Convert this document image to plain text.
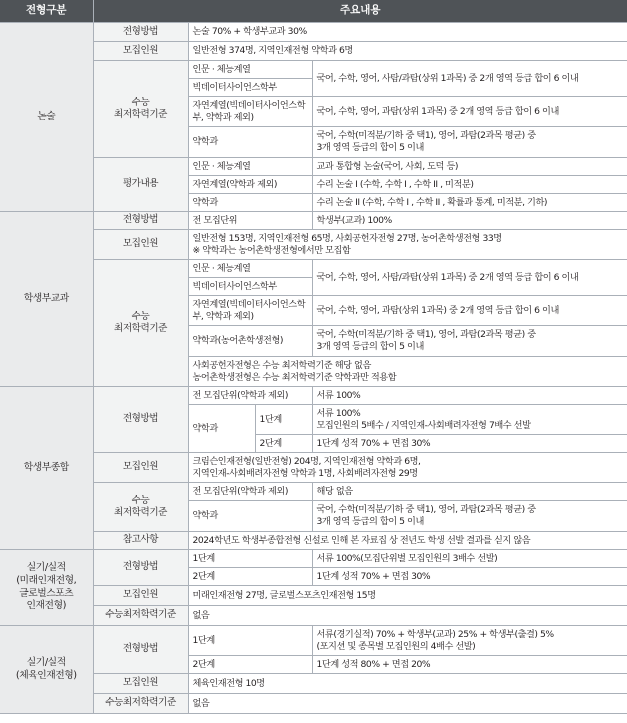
전형구분	주요내용			
논술	전형방법	논술 70% + 학생부교과 30%		
	모집인원	일반전형 374명, 지역인재전형 약학과 6명		
	수능
최저학력기준	인문 · 체능계열		국어, 수학, 영어, 사탐/과탐(상위 1과목) 중 2개 영역 등급 합이 6 이내
		빅데이터사이언스학부		
		자연계열(빅데이터사이언스학부, 약학과 제외)		국어, 수학, 영어, 과탐(상위 1과목) 중 2개 영역 등급 합이 6 이내
		약학과		국어, 수학(미적분/기하 중 택1), 영어, 과탐(2과목 평균) 중
3개 영역 등급의 합이 5 이내
	평가내용	인문 · 체능계열		교과 통합형 논술(국어, 사회, 도덕 등)
		자연계열(약학과 제외)		수리 논술 I (수학, 수학 I , 수학 II , 미적분)
		약학과		수리 논술 II (수학, 수학 I , 수학 II , 확률과 통계, 미적분, 기하)
학생부교과	전형방법	전 모집단위		학생부(교과) 100%
	모집인원	일반전형 153명, 지역인재전형 65명, 사회공헌자전형 27명, 농어촌학생전형 33명
※ 약학과는 농어촌학생전형에서만 모집함		
	수능
최저학력기준	인문 · 체능계열		국어, 수학, 영어, 사탐/과탐(상위 1과목) 중 2개 영역 등급 합이 6 이내
		빅데이터사이언스학부		
		자연계열(빅데이터사이언스학부, 약학과 제외)		국어, 수학, 영어, 과탐(상위 1과목) 중 2개 영역 등급 합이 6 이내
		약학과(농어촌학생전형)		국어, 수학(미적분/기하 중 택1), 영어, 과탐(2과목 평균) 중
3개 영역 등급의 합이 5 이내
		사회공헌자전형은 수능 최저학력기준 해당 없음
농어촌학생전형은 수능 최저학력기준 약학과만 적용함		

학생부종합	전형방법	전 모집단위(약학과 제외)		서류 100%
		약학과	1단계	서류 100%
모집인원의 5배수 / 지역인재-사회배려자전형 7배수 선발
			2단계	1단계 성적 70% + 면접 30%
	모집인원	크림슨인재전형(일반전형) 204명, 지역인재전형 약학과 6명,
지역인재-사회배려자전형 약학과 1명, 사회배려자전형 29명		
	수능
최저학력기준	전 모집단위(약학과 제외)		해당 없음
		약학과		국어, 수학(미적분/기하 중 택1), 영어, 과탐(2과목 평균) 중
3개 영역 등급의 합이 5 이내
	참고사항	2024학년도 학생부종합전형 신설로 인해 본 자료집 상 전년도 학생 선발 결과를 싣지 않음		

실기/실적
(미래인재전형,
글로벌스포츠
인재전형)	전형방법	1단계		서류 100%(모집단위별 모집인원의 3배수 선발)
		2단계		1단계 성적 70% + 면접 30%
	모집인원	미래인재전형 27명, 글로벌스포츠인재전형 15명		
	수능최저학력기준	없음		
실기/실적
(체육인재전형)	전형방법	1단계		서류(경기실적) 70% + 학생부(교과) 25% + 학생부(출결) 5%
(포지션 및 종목별 모집인원의 4배수 선발)
		2단계		1단계 성적 80% + 면접 20%
	모집인원	체육인재전형 10명		
	수능최저학력기준	없음		
